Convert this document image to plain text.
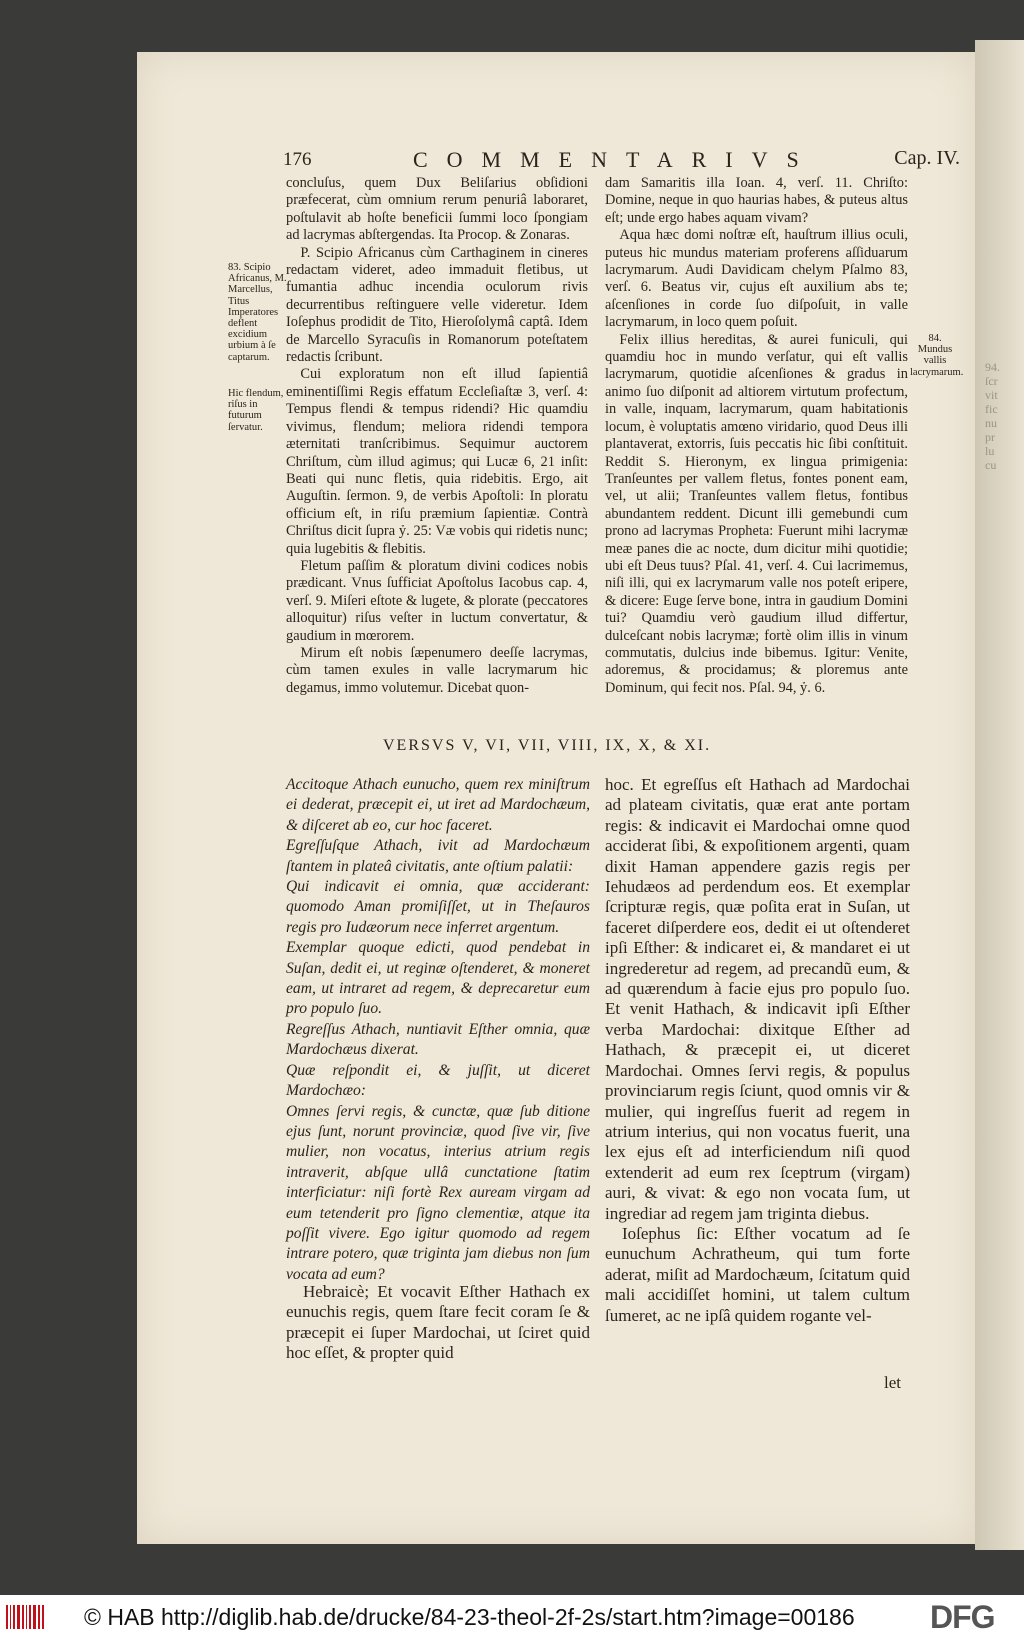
94.
ſcr
vit
fic
nu
pr
lu
cu
176	COMMENTARIVS	Cap. IV.

concluſus, quem Dux Beliſarius obſidioni præfecerat, cùm omnium rerum penuriâ laboraret, poſtulavit ab hoſte beneficii ſummi loco ſpongiam ad lacrymas abſtergendas. Ita Procop. & Zonaras.

P. Scipio Africanus cùm Carthaginem in cineres redactam videret, adeo immaduit fletibus, ut fumantia adhuc incendia oculorum rivis decurrentibus reſtinguere velle videretur. Idem Ioſephus prodidit de Tito, Hieroſolymâ captâ. Idem de Marcello Syracuſis in Romanorum poteſtatem redactis ſcribunt.

Cui exploratum non eſt illud ſapientiâ eminentiſſimi Regis effatum Eccleſiaſtæ 3, verſ. 4: Tempus flendi & tempus ridendi? Hic quamdiu vivimus, flendum; meliora ridendi tempora æternitati tranſcribimus. Sequimur auctorem Chriſtum, cùm illud agimus; qui Lucæ 6, 21 inſit: Beati qui nunc fletis, quia ridebitis. Ergo, ait Auguſtin. ſermon. 9, de verbis Apoſtoli: In ploratu officium eſt, in riſu præmium ſapientiæ. Contrà Chriſtus dicit ſupra ỷ. 25: Væ vobis qui ridetis nunc; quia lugebitis & flebitis.

Fletum paſſim & ploratum divini codices nobis prædicant. Vnus ſufficiat Apoſtolus Iacobus cap. 4, verſ. 9. Miſeri eſtote & lugete, & plorate (peccatores alloquitur) riſus veſter in luctum convertatur, & gaudium in mœrorem.

Mirum eſt nobis ſæpenumero deeſſe lacrymas, cùm tamen exules in valle lacrymarum hic degamus, immo volutemur. Dicebat quon-

dam Samaritis illa Ioan. 4, verſ. 11. Chriſto: Domine, neque in quo haurias habes, & puteus altus eſt; unde ergo habes aquam vivam?

Aqua hæc domi noſtræ eſt, hauſtrum illius oculi, puteus hic mundus materiam proferens aſſiduarum lacrymarum. Audi Davidicam chelym Pſalmo 83, verſ. 6. Beatus vir, cujus eſt auxilium abs te; aſcenſiones in corde ſuo diſpoſuit, in valle lacrymarum, in loco quem poſuit.

Felix illius hereditas, & aurei funiculi, qui quamdiu hoc in mundo verſatur, qui eſt vallis lacrymarum, quotidie aſcenſiones & gradus in animo ſuo diſponit ad altiorem virtutum profectum, in valle, inquam, lacrymarum, quam habitationis locum, è voluptatis amœno viridario, quod Deus illi plantaverat, extorris, ſuis peccatis hic ſibi conſtituit. Reddit S. Hieronym, ex lingua primigenia: Tranſeuntes per vallem fletus, fontes ponent eam, vel, ut alii; Tranſeuntes vallem fletus, fontibus abundantem reddent. Dicunt illi gemebundi cum prono ad lacrymas Propheta: Fuerunt mihi lacrymæ meæ panes die ac nocte, dum dicitur mihi quotidie; ubi eſt Deus tuus? Pſal. 41, verſ. 4. Cui lacrimemus, niſi illi, qui ex lacrymarum valle nos poteſt eripere, & dicere: Euge ſerve bone, intra in gaudium Domini tui? Quamdiu verò gaudium illud differtur, dulceſcant nobis lacrymæ; fortè olim illis in vinum commutatis, dulcius inde bibemus. Igitur: Venite, adoremus, & procidamus; & ploremus ante Dominum, qui fecit nos. Pſal. 94, ỷ. 6.

83. Scipio Africanus, M. Marcellus, Titus Imperatores deflent excidium urbium à ſe captarum.
Hic flendum, riſus in futurum ſervatur.
84. Mundus vallis lacrymarum.
VERSVS V, VI, VII, VIII, IX, X, & XI.

Accitoque Athach eunucho, quem rex miniſtrum ei dederat, præcepit ei, ut iret ad Mardochæum, & diſceret ab eo, cur hoc faceret.

Egreſſuſque Athach, ivit ad Mardochæum ſtantem in plateâ civitatis, ante oſtium palatii:

Qui indicavit ei omnia, quæ acciderant: quomodo Aman promiſiſſet, ut in Theſauros regis pro Iudæorum nece inferret argentum.

Exemplar quoque edicti, quod pendebat in Suſan, dedit ei, ut reginæ oſtenderet, & moneret eam, ut intraret ad regem, & deprecaretur eum pro populo ſuo.

Regreſſus Athach, nuntiavit Eſther omnia, quæ Mardochæus dixerat.

Quæ reſpondit ei, & juſſit, ut diceret Mardochæo:

Omnes ſervi regis, & cunctæ, quæ ſub ditione ejus ſunt, norunt provinciæ, quod ſive vir, ſive mulier, non vocatus, interius atrium regis intraverit, abſque ullâ cunctatione ſtatim interficiatur: niſi fortè Rex auream virgam ad eum tetenderit pro ſigno clementiæ, atque ita poſſit vivere. Ego igitur quomodo ad regem intrare potero, quæ triginta jam diebus non ſum vocata ad eum?

Hebraicè; Et vocavit Eſther Hathach ex eunuchis regis, quem ſtare fecit coram ſe & præcepit ei ſuper Mardochai, ut ſciret quid hoc eſſet, & propter quid

hoc. Et egreſſus eſt Hathach ad Mardochai ad plateam civitatis, quæ erat ante portam regis: & indicavit ei Mardochai omne quod acciderat ſibi, & expoſitionem argenti, quam dixit Haman appendere gazis regis per Iehudæos ad perdendum eos. Et exemplar ſcripturæ regis, quæ poſita erat in Suſan, ut faceret diſperdere eos, dedit ei ut oſtenderet ipſi Eſther: & indicaret ei, & mandaret ei ut ingrederetur ad regem, ad precandũ eum, & ad quærendum à facie ejus pro populo ſuo. Et venit Hathach, & indicavit ipſi Eſther verba Mardochai: dixitque Eſther ad Hathach, & præcepit ei, ut diceret Mardochai. Omnes ſervi regis, & populus provinciarum regis ſciunt, quod omnis vir & mulier, qui ingreſſus fuerit ad regem in atrium interius, qui non vocatus fuerit, una lex ejus eſt ad interficiendum niſi quod extenderit ad eum rex ſceptrum (virgam) auri, & vivat: & ego non vocata ſum, ut ingrediar ad regem jam triginta diebus.

Ioſephus ſic: Eſther vocatum ad ſe eunuchum Achratheum, qui tum forte aderat, miſit ad Mardochæum, ſcitatum quid mali accidiſſet homini, ut talem cultum ſumeret, ac ne ipſâ quidem rogante vel-

let
© HAB http://diglib.hab.de/drucke/84-23-theol-2f-2s/start.htm?image=00186 DFG
